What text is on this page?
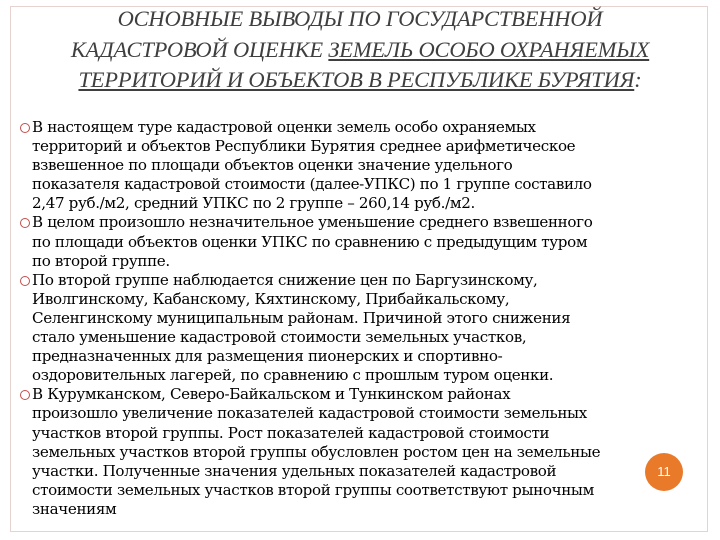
ОСНОВНЫЕ ВЫВОДЫ ПО ГОСУДАРСТВЕННОЙ
КАДАСТРОВОЙ ОЦЕНКЕ ЗЕМЕЛЬ ОСОБО ОХРАНЯЕМЫХ
ТЕРРИТОРИЙ И ОБЪЕКТОВ В РЕСПУБЛИКЕ БУРЯТИЯ:
В настоящем туре кадастровой оценки земель особо охраняемых
территорий и объектов Республики Бурятия среднее арифметическое
взвешенное по площади объектов оценки значение удельного
показателя кадастровой стоимости (далее-УПКС) по 1 группе составило
2,47 руб./м2, средний УПКС по 2 группе – 260,14 руб./м2.
В целом произошло незначительное уменьшение среднего взвешенного
по площади объектов оценки УПКС по сравнению с предыдущим туром
по второй группе.
По второй группе наблюдается снижение цен по Баргузинскому,
Иволгинскому, Кабанскому, Кяхтинскому, Прибайкальскому,
Селенгинскому муниципальным районам. Причиной этого снижения
стало уменьшение кадастровой стоимости земельных участков,
предназначенных для размещения пионерских и спортивно-
оздоровительных лагерей, по сравнению с прошлым туром оценки.
В Курумканском, Северо-Байкальском и Тункинском районах
произошло увеличение показателей кадастровой стоимости земельных
участков второй группы. Рост показателей кадастровой стоимости
земельных участков второй группы обусловлен ростом цен на земельные
участки. Полученные значения удельных показателей кадастровой
стоимости земельных участков второй группы соответствуют рыночным
значениям
11
